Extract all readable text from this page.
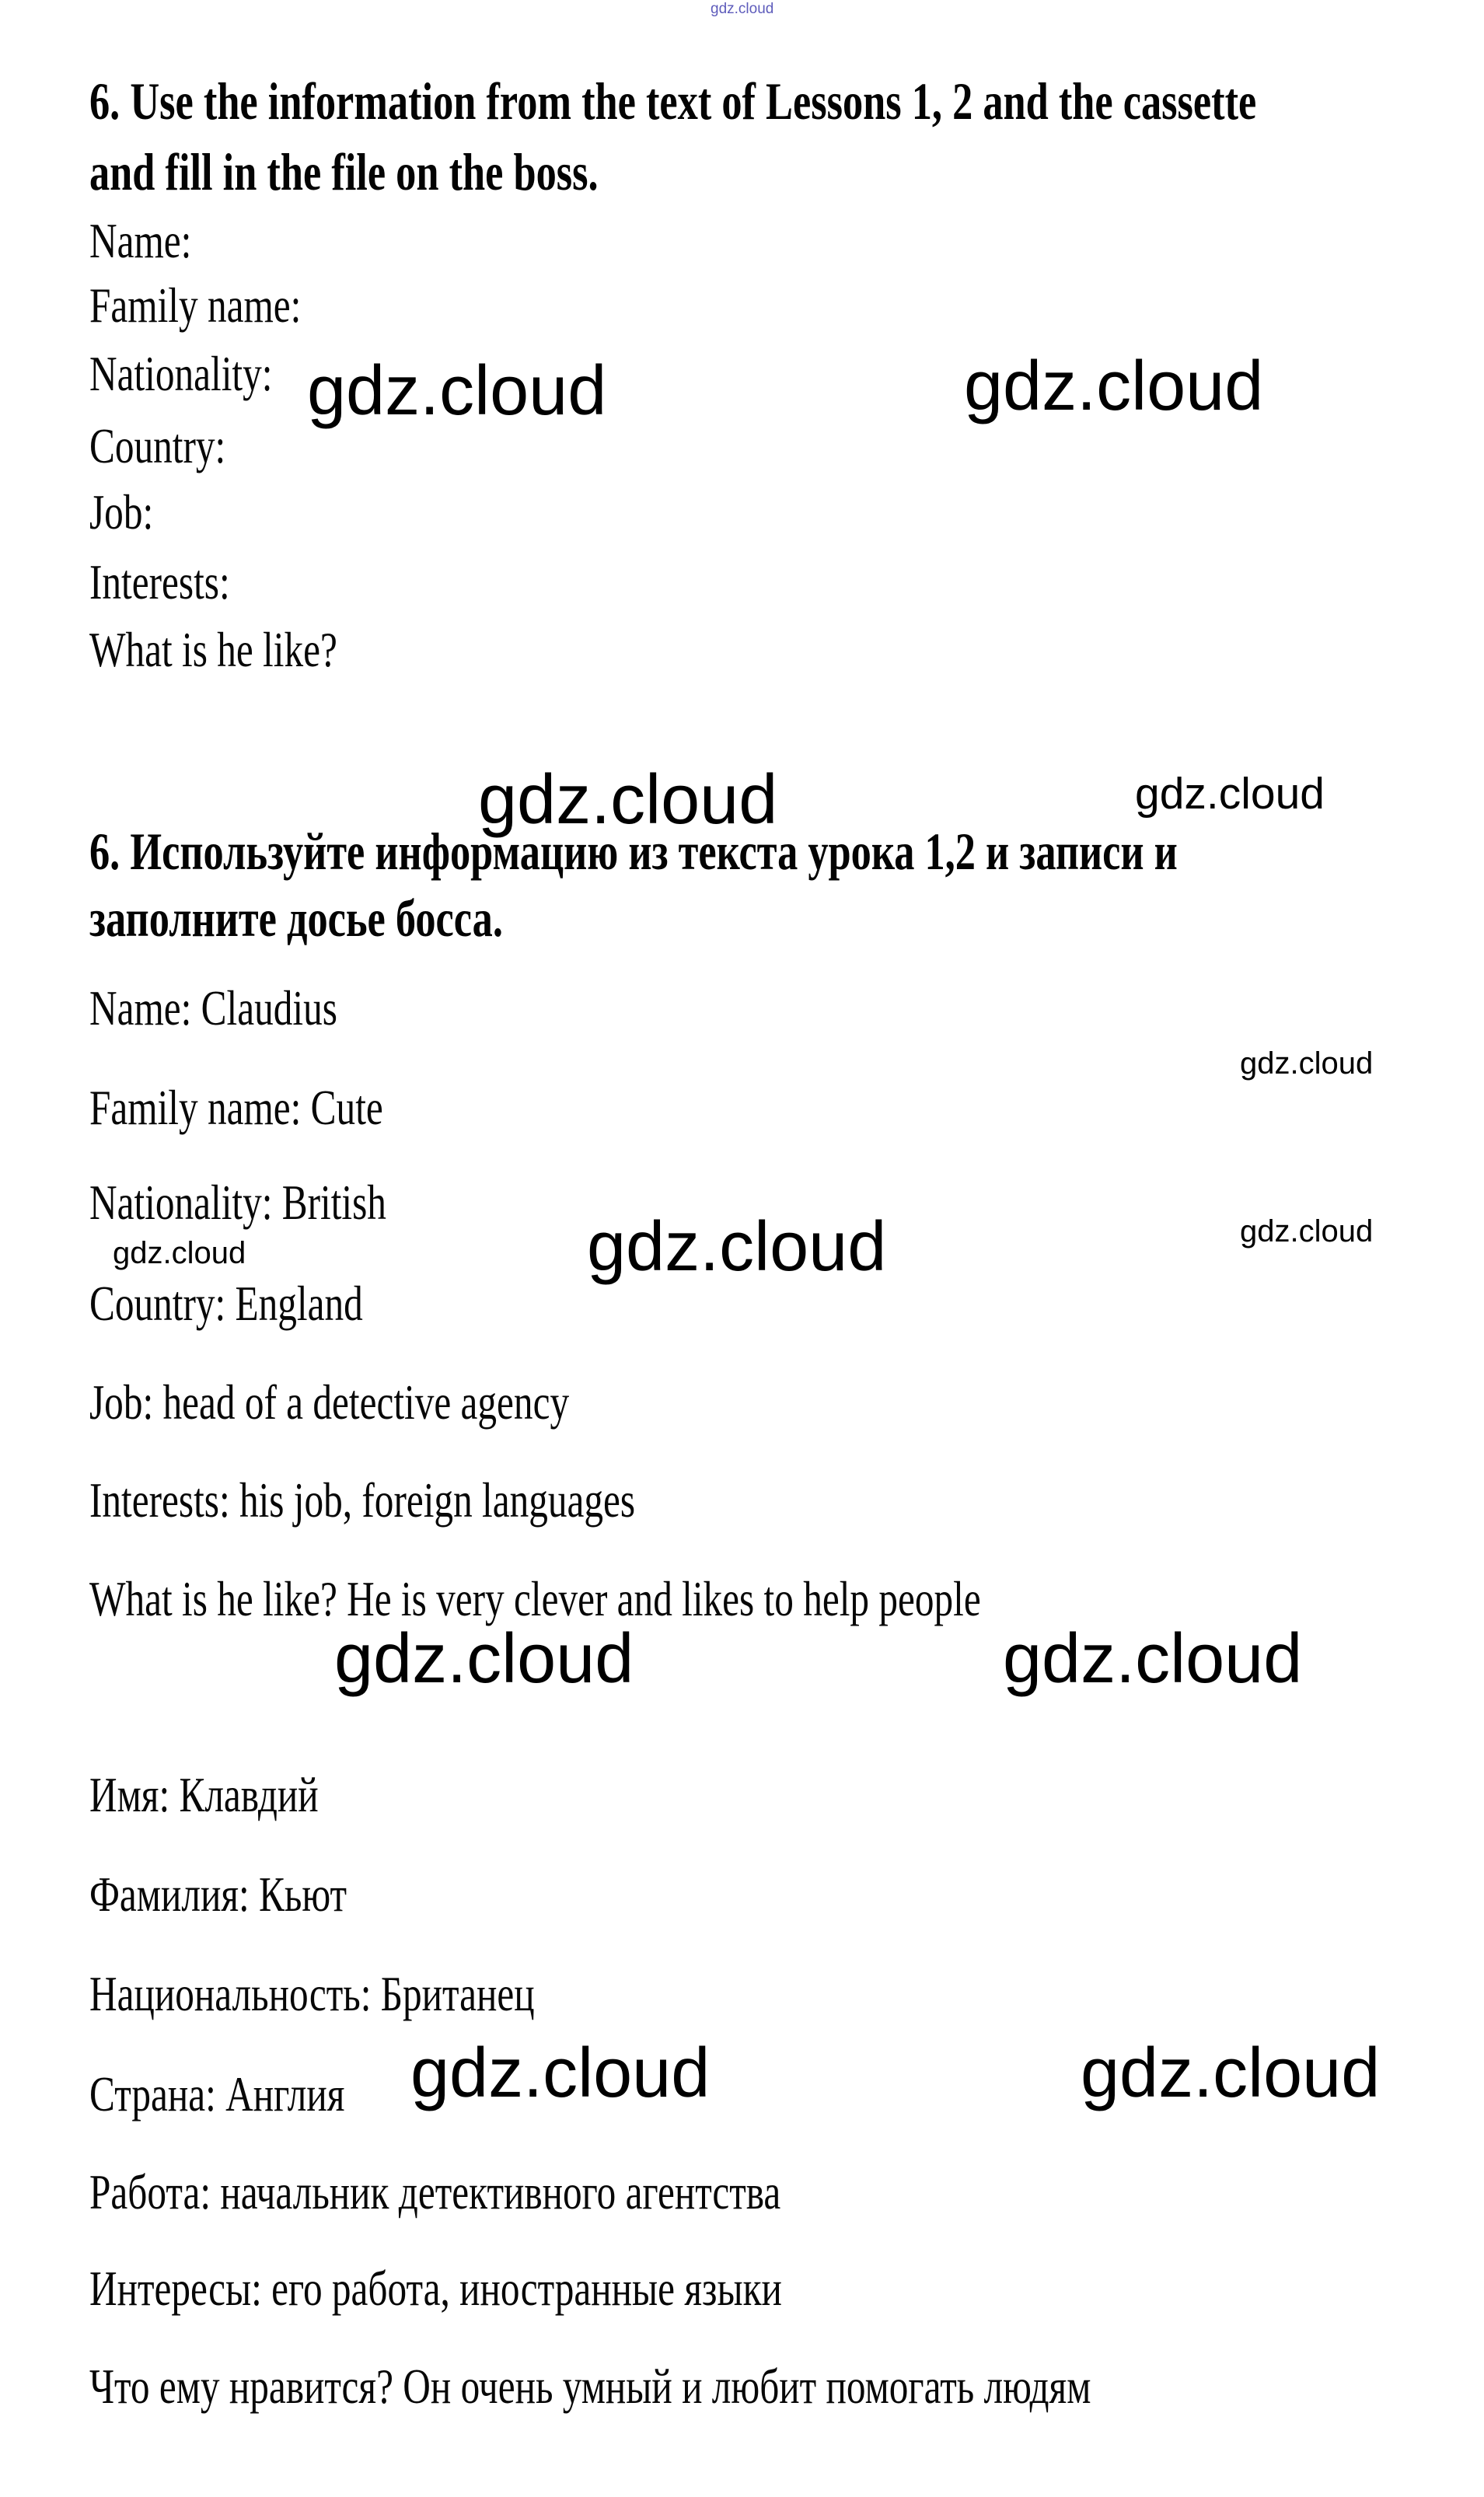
gdz.cloud
6. Use the information from the text of Lessons 1, 2 and the cassette
and fill in the file on the boss.
Name:
Family name:
Nationality:
Country:
Job:
Interests:
What is he like?
gdz.cloud	gdz.cloud
gdz.cloud	gdz.cloud
6. Используйте информацию из текста урока 1,2 и записи и
заполните досье босса.
Name: Claudius
Family name: Cute
Nationality: British
Country: England
Job: head of a detective agency
Interests: his job, foreign languages
What is he like? He is very clever and likes to help people
gdz.cloud
gdz.cloud	gdz.cloud
gdz.cloud
gdz.cloud	gdz.cloud
Имя: Клавдий
Фамилия: Кьют
Национальность: Британец
Страна: Англия
Работа: начальник детективного агентства
Интересы: его работа, иностранные языки
Что ему нравится? Он очень умный и любит помогать людям
gdz.cloud	gdz.cloud
